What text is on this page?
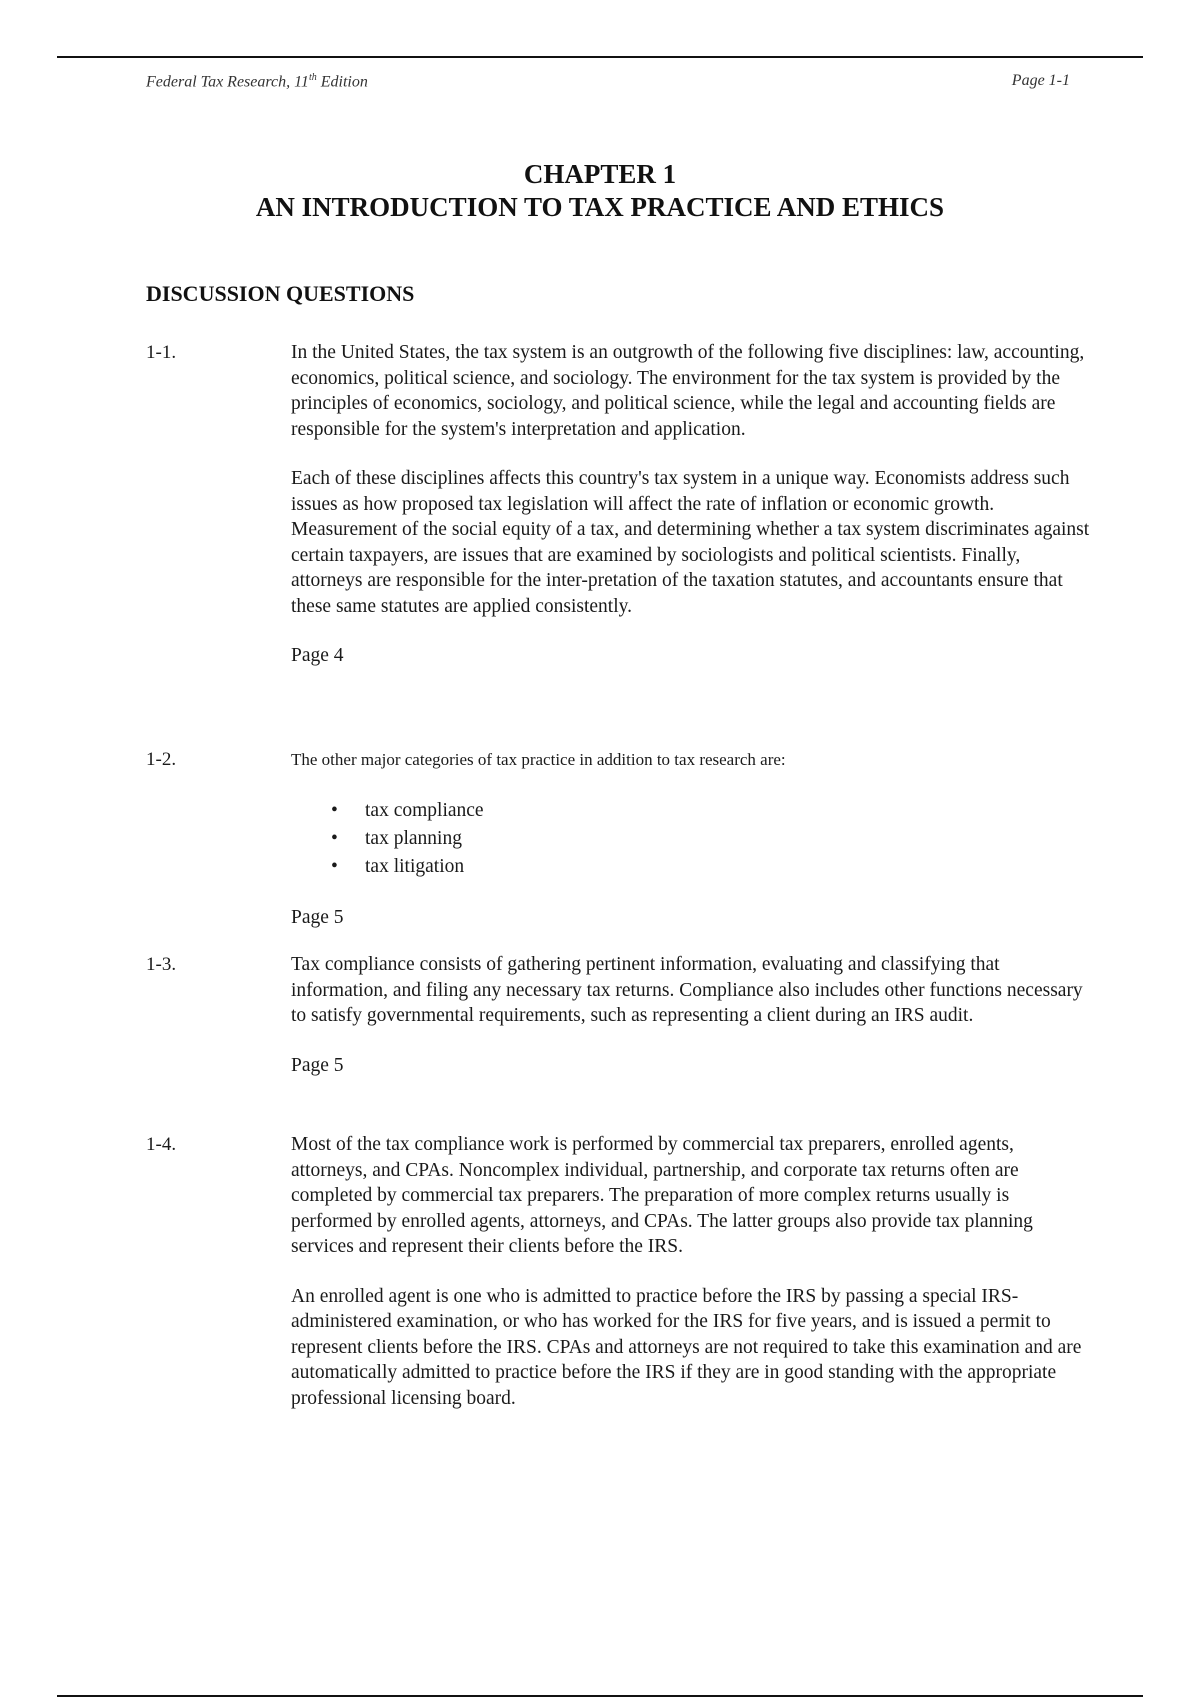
Federal Tax Research, 11th Edition	Page 1-1
CHAPTER 1
AN INTRODUCTION TO TAX PRACTICE AND ETHICS
DISCUSSION QUESTIONS
1-1.	In the United States, the tax system is an outgrowth of the following five disciplines: law, accounting, economics, political science, and sociology. The environment for the tax system is provided by the principles of economics, sociology, and political science, while the legal and accounting fields are responsible for the system's interpretation and application.

Each of these disciplines affects this country's tax system in a unique way. Economists address such issues as how proposed tax legislation will affect the rate of inflation or economic growth. Measurement of the social equity of a tax, and determining whether a tax system discriminates against certain taxpayers, are issues that are examined by sociologists and political scientists. Finally, attorneys are responsible for the inter-pretation of the taxation statutes, and accountants ensure that these same statutes are applied consistently.

Page 4

1-2.	The other major categories of tax practice in addition to tax research are:

• tax compliance
• tax planning
• tax litigation

Page 5

1-3.	Tax compliance consists of gathering pertinent information, evaluating and classifying that information, and filing any necessary tax returns. Compliance also includes other functions necessary to satisfy governmental requirements, such as representing a client during an IRS audit.

Page 5

1-4.	Most of the tax compliance work is performed by commercial tax preparers, enrolled agents, attorneys, and CPAs. Noncomplex individual, partnership, and corporate tax returns often are completed by commercial tax preparers. The preparation of more complex returns usually is performed by enrolled agents, attorneys, and CPAs. The latter groups also provide tax planning services and represent their clients before the IRS.

An enrolled agent is one who is admitted to practice before the IRS by passing a special IRS-administered examination, or who has worked for the IRS for five years, and is issued a permit to represent clients before the IRS. CPAs and attorneys are not required to take this examination and are automatically admitted to practice before the IRS if they are in good standing with the appropriate professional licensing board.
